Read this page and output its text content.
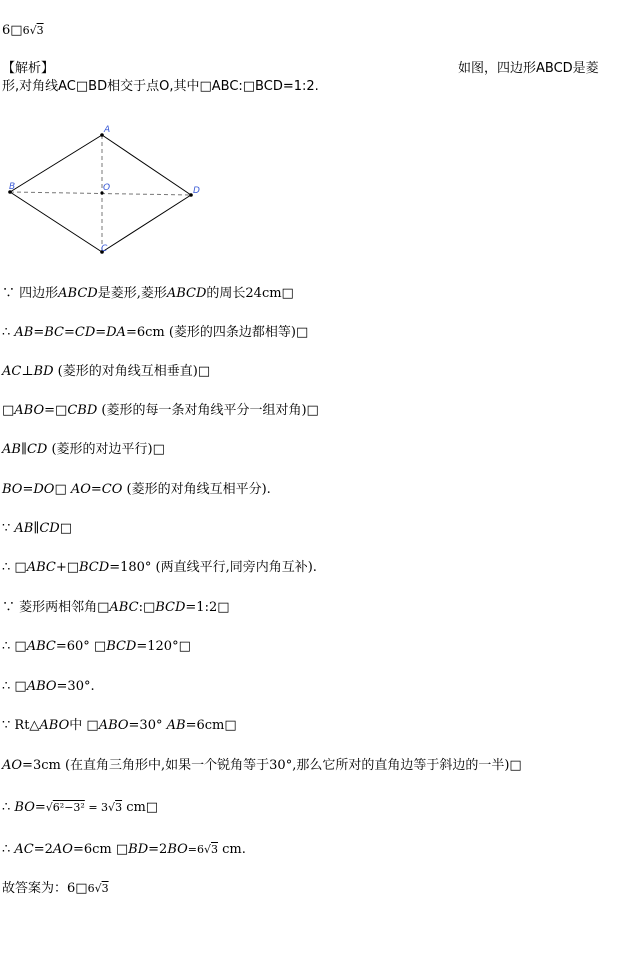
6□6√3
【解析】	如图，四边形ABCD是菱
形,对角线AC□BD相交于点O,其中□ABC:□BCD=1:2.
A
B
C
D
O
∵ 四边形ABCD是菱形,菱形ABCD的周长24cm□
∴ AB=BC=CD=DA=6cm (菱形的四条边都相等)□
AC⊥BD (菱形的对角线互相垂直)□
□ABO=□CBD (菱形的每一条对角线平分一组对角)□
AB∥CD (菱形的对边平行)□
BO=DO□ AO=CO (菱形的对角线互相平分).
∵ AB∥CD□
∴ □ABC+□BCD=180° (两直线平行,同旁内角互补).
∵ 菱形两相邻角□ABC:□BCD=1:2□
∴ □ABC=60° □BCD=120°□
∴ □ABO=30°.
∵ Rt△ABO中 □ABO=30° AB=6cm□
AO=3cm (在直角三角形中,如果一个锐角等于30°,那么它所对的直角边等于斜边的一半)□
∴ BO=√6²−3² = 3√3 cm□
∴ AC=2AO=6cm □BD=2BO=6√3 cm.
故答案为：6□6√3
